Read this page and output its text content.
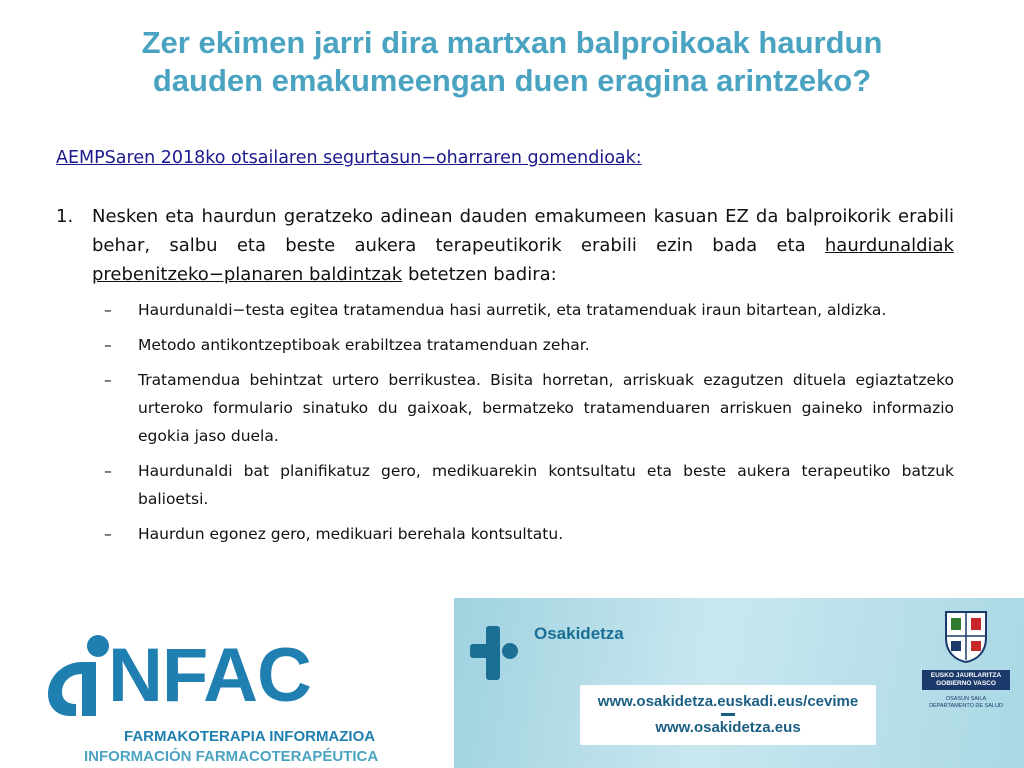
Zer ekimen jarri dira martxan balproikoak haurdun
dauden emakumeengan duen eragina arintzeko?
AEMPSaren 2018ko otsailaren segurtasun−oharraren gomendioak:
1. Nesken eta haurdun geratzeko adinean dauden emakumeen kasuan EZ da balproikorik erabili behar, salbu eta beste aukera terapeutikorik erabili ezin bada eta haurdunaldiak prebenitzeko−planaren baldintzak betetzen badira:
– Haurdunaldi−testa egitea tratamendua hasi aurretik, eta tratamenduak iraun bitartean, aldizka.
– Metodo antikontzeptiboak erabiltzea tratamenduan zehar.
– Tratamendua behintzat urtero berrikustea. Bisita horretan, arriskuak ezagutzen dituela egiaztatzeko urteroko formulario sinatuko du gaixoak, bermatzeko tratamenduaren arriskuen gaineko informazio egokia jaso duela.
– Haurdunaldi bat planifikatuz gero, medikuarekin kontsultatu eta beste aukera terapeutiko batzuk balioetsi.
– Haurdun egonez gero, medikuari berehala kontsultatu.
NFAC
FARMAKOTERAPIA INFORMAZIOA
INFORMACIÓN FARMACOTERAPÉUTICA
Osakidetza
www.osakidetza.euskadi.eus/cevime
www.osakidetza.eus
EUSKO JAURLARITZA
GOBIERNO VASCO
OSASUN SAILA
DEPARTAMENTO DE SALUD
